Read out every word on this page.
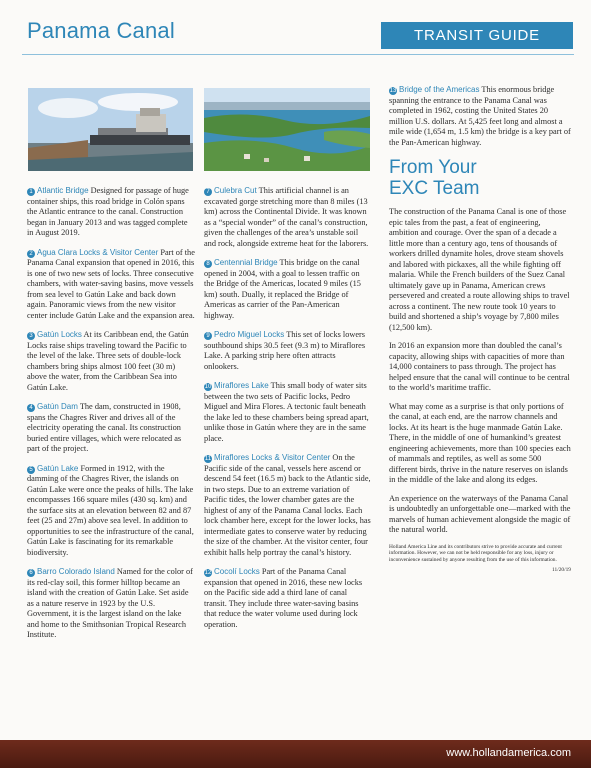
Panama Canal	TRANSIT GUIDE

1 Atlantic Bridge Designed for passage of huge container ships, this road bridge in Colón spans the Atlantic entrance to the canal. Construction began in January 2013 and was tagged complete in August 2019.

2 Agua Clara Locks & Visitor Center Part of the Panama Canal expansion that opened in 2016, this is one of two new sets of locks. Three consecutive chambers, with water-saving basins, move vessels from sea level to Gatún Lake and back down again. Panoramic views from the new visitor center include Gatún Lake and the expansion area.

3 Gatún Locks At its Caribbean end, the Gatún Locks raise ships traveling toward the Pacific to the level of the lake. Three sets of double-lock chambers bring ships almost 100 feet (30 m) above the water, from the Caribbean Sea into Gatún Lake.

4 Gatún Dam The dam, constructed in 1908, spans the Chagres River and drives all of the electricity operating the canal. Its construction buried entire villages, which were relocated as part of the project.

5 Gatún Lake Formed in 1912, with the damming of the Chagres River, the islands on Gatún Lake were once the peaks of hills. The lake encompasses 166 square miles (430 sq. km) and the surface sits at an elevation between 82 and 87 feet (25 and 27m) above sea level. In addition to opportunities to see the infrastructure of the canal, Gatún Lake is fascinating for its remarkable biodiversity.

6 Barro Colorado Island Named for the color of its red-clay soil, this former hilltop became an island with the creation of Gatún Lake. Set aside as a nature reserve in 1923 by the U.S. Government, it is the largest island on the lake and home to the Smithsonian Tropical Research Institute.

7 Culebra Cut This artificial channel is an excavated gorge stretching more than 8 miles (13 km) across the Continental Divide. It was known as a “special wonder” of the canal’s construction, given the challenges of the area’s unstable soil and rock, alongside extreme heat for the laborers.

8 Centennial Bridge This bridge on the canal opened in 2004, with a goal to lessen traffic on the Bridge of the Americas, located 9 miles (15 km) south. Dually, it replaced the Bridge of Americas as carrier of the Pan-American highway.

9 Pedro Miguel Locks This set of locks lowers southbound ships 30.5 feet (9.3 m) to Miraflores Lake. A parking strip here often attracts onlookers.

10 Miraflores Lake This small body of water sits between the two sets of Pacific locks, Pedro Miguel and Mira Flores. A tectonic fault beneath the lake led to these chambers being spread apart, unlike those in Gatún where they are in the same place.

11 Miraflores Locks & Visitor Center On the Pacific side of the canal, vessels here ascend or descend 54 feet (16.5 m) back to the Atlantic side, in two steps. Due to an extreme variation of Pacific tides, the lower chamber gates are the highest of any of the Panama Canal locks. Each lock chamber here, except for the lower locks, has intermediate gates to conserve water by reducing the size of the chamber. At the visitor center, four exhibit halls help portray the canal’s history.

12 Cocolí Locks Part of the Panama Canal expansion that opened in 2016, these new locks on the Pacific side add a third lane of canal transit. They include three water-saving basins that reduce the water volume used during lock operation.

13 Bridge of the Americas This enormous bridge spanning the entrance to the Panama Canal was completed in 1962, costing the United States 20 million U.S. dollars. At 5,425 feet long and almost a mile wide (1,654 m, 1.5 km) the bridge is a key part of the Pan-American highway.

From Your
EXC Team

The construction of the Panama Canal is one of those epic tales from the past, a feat of engineering, ambition and courage. Over the span of a decade a little more than a century ago, tens of thousands of workers drilled dynamite holes, drove steam shovels and labored with pickaxes, all the while fighting off malaria. While the French builders of the Suez Canal ultimately gave up in Panama, American crews persevered and created a route allowing ships to travel across a continent. The new route took 10 years to build and shortened a ship’s voyage by 7,800 miles (12,500 km).

In 2016 an expansion more than doubled the canal’s capacity, allowing ships with capacities of more than 14,000 containers to pass through. The project has helped ensure that the canal will continue to be central to the world’s maritime traffic.

What may come as a surprise is that only portions of the canal, at each end, are the narrow channels and locks. At its heart is the huge manmade Gatún Lake. There, in the middle of one of humankind’s greatest engineering achievements, more than 100 species each of mammals and reptiles, as well as some 500 different birds, thrive in the nature reserves on islands in the middle of the lake and along its edges.

An experience on the waterways of the Panama Canal is undoubtedly an unforgettable one—marked with the marvels of human achievement alongside the magic of the natural world.

Holland America Line and its contributors strive to provide accurate and current information. However, we can not be held responsible for any loss, injury or inconvenience sustained by anyone resulting from the use of this information.

11/20/19
www.hollandamerica.com
